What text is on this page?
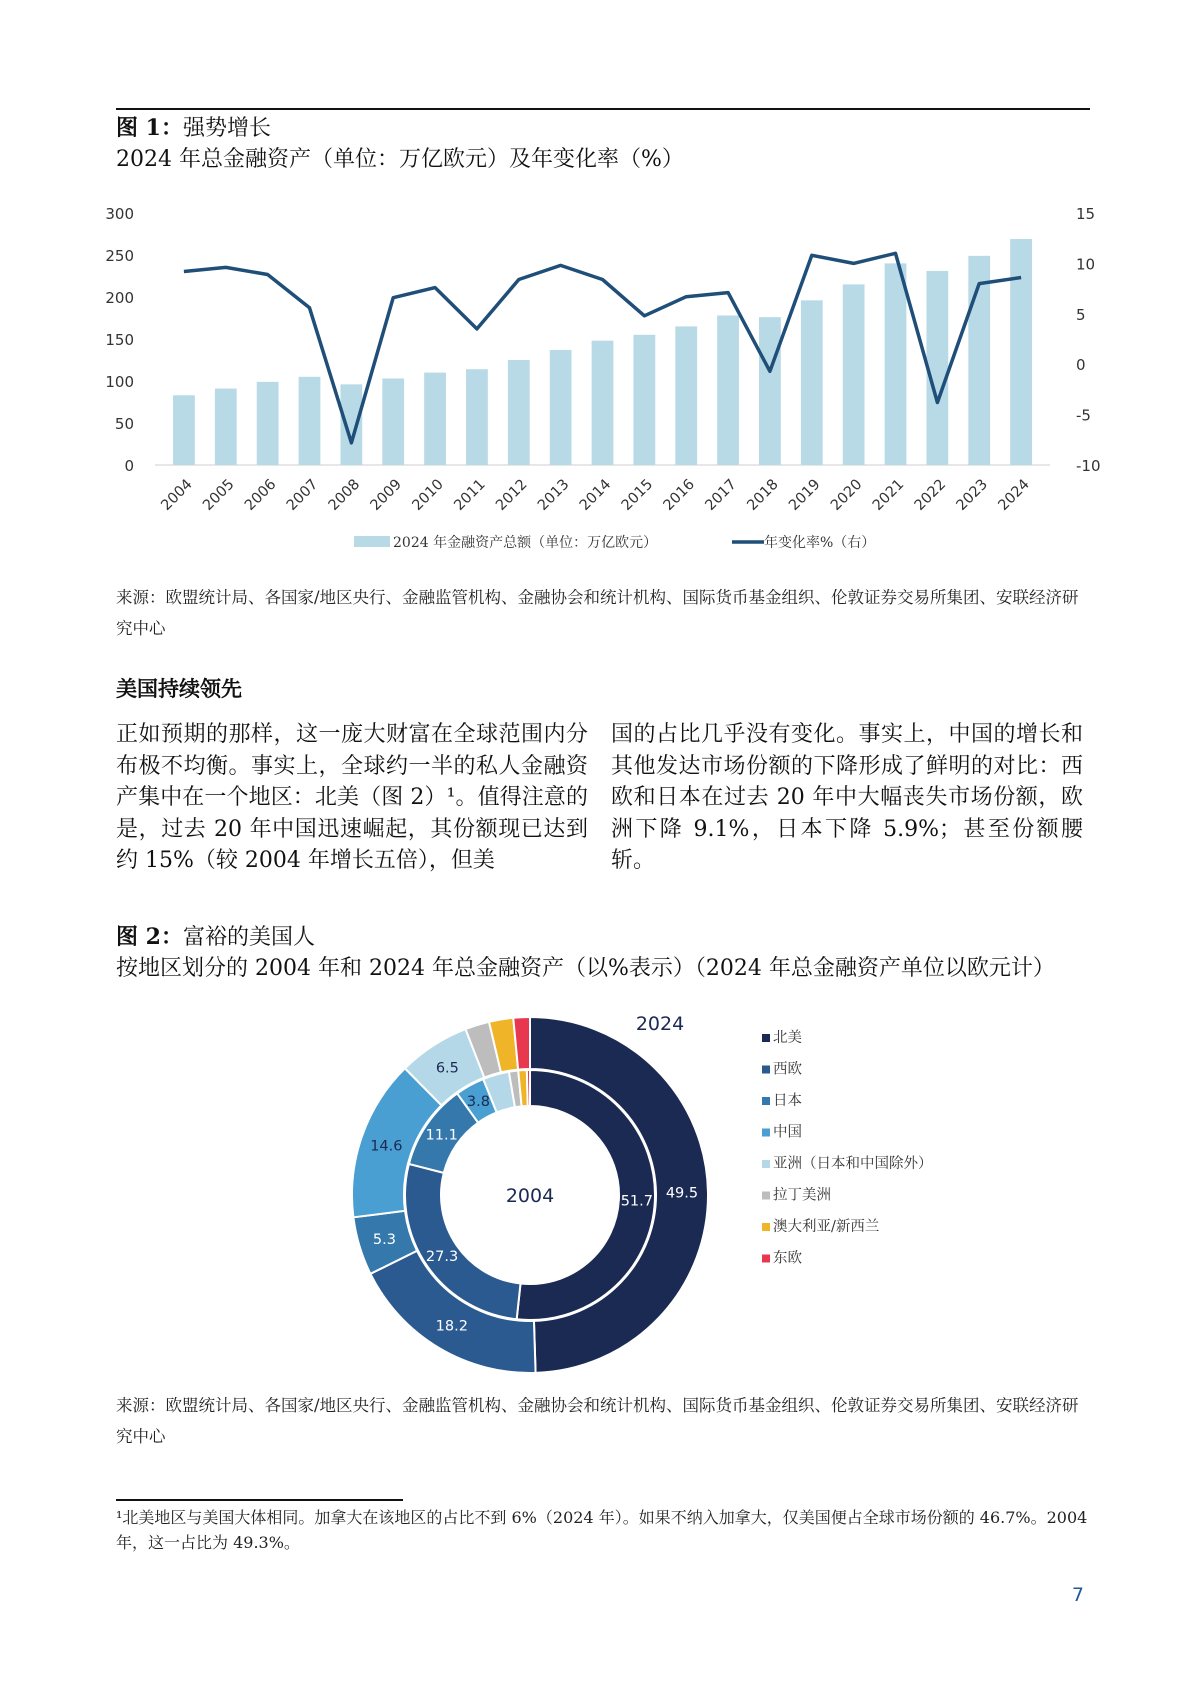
图 1：强势增长
2024 年总金融资产（单位：万亿欧元）及年变化率（%）
0
50
100
150
200
250
300
-10
-5
0
5
10
15
2004 2005 2006 2007 2008 2009 2010 2011 2012 2013 2014 2015 2016 2017 2018 2019 2020 2021 2022 2023 2024
2024 年金融资产总额（单位：万亿欧元）	年变化率%（右）
来源：欧盟统计局、各国家/地区央行、金融监管机构、金融协会和统计机构、国际货币基金组织、伦敦证券交易所集团、安联经济研究中心
美国持续领先
正如预期的那样，这一庞大财富在全球范围内分布极不均衡。事实上，全球约一半的私人金融资产集中在一个地区：北美（图 2）¹。值得注意的是，过去 20 年中国迅速崛起，其份额现已达到约 15%（较 2004 年增长五倍），但美
国的占比几乎没有变化。事实上，中国的增长和其他发达市场份额的下降形成了鲜明的对比：西欧和日本在过去 20 年中大幅丧失市场份额，欧洲下降 9.1%，日本下降 5.9%；甚至份额腰斩。
图 2：富裕的美国人
按地区划分的 2004 年和 2024 年总金融资产（以%表示）（2024 年总金融资产单位以欧元计）
49.5
18.2
5.3
14.6
6.5
51.7
27.3
11.1
3.8
2024
2004
北美
西欧
日本
中国
亚洲（日本和中国除外）
拉丁美洲
澳大利亚/新西兰
东欧
来源：欧盟统计局、各国家/地区央行、金融监管机构、金融协会和统计机构、国际货币基金组织、伦敦证券交易所集团、安联经济研究中心
¹北美地区与美国大体相同。加拿大在该地区的占比不到 6%（2024 年）。如果不纳入加拿大，仅美国便占全球市场份额的 46.7%。2004 年，这一占比为 49.3%。
7
